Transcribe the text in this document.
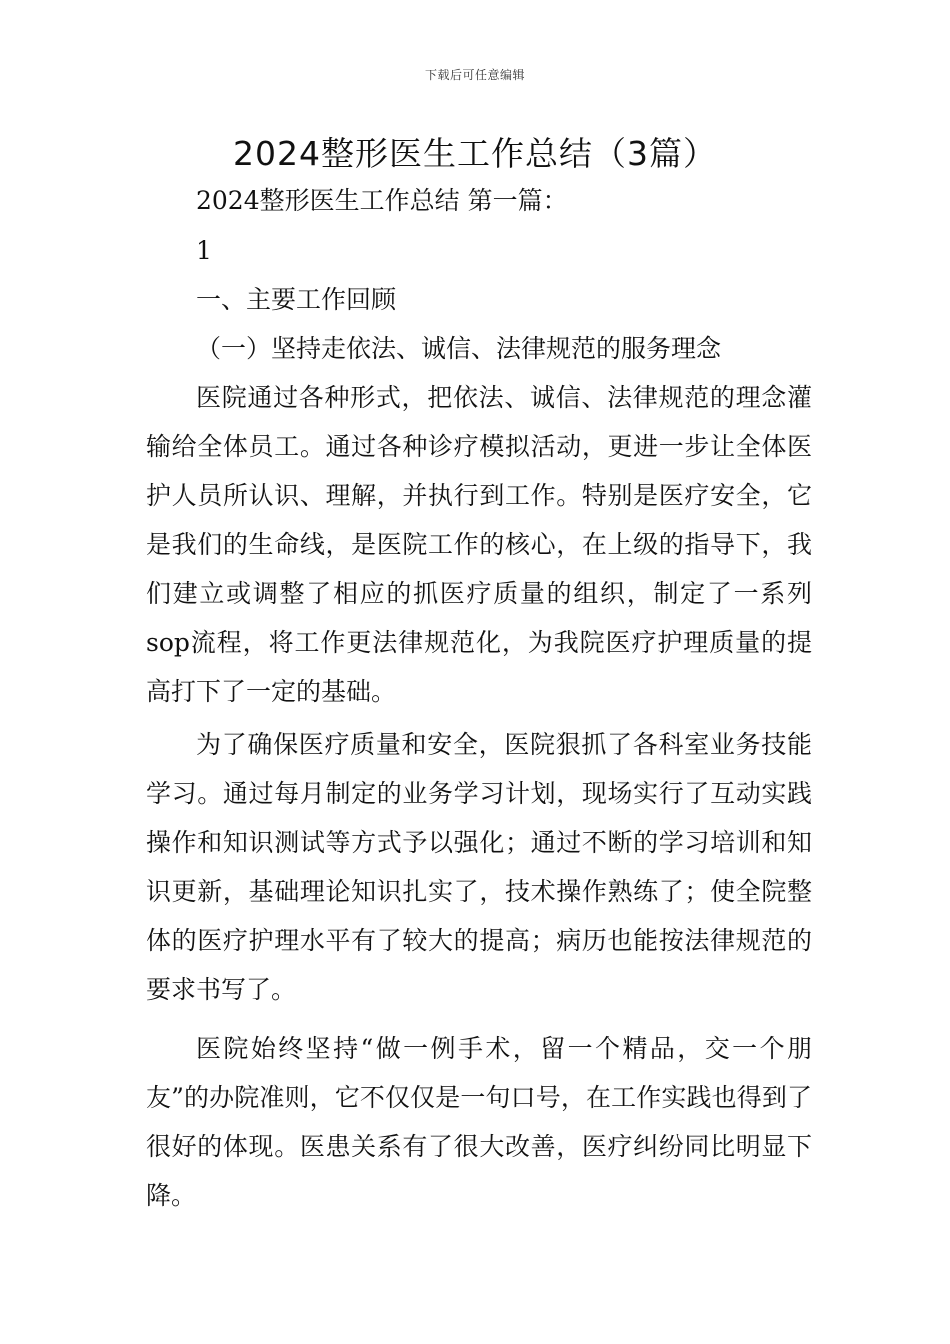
下载后可任意编辑
2024整形医生工作总结（3篇）
2024整形医生工作总结 第一篇：
1
一、主要工作回顾
（一）坚持走依法、诚信、法律规范的服务理念

医院通过各种形式，把依法、诚信、法律规范的理念灌输给全体员工。通过各种诊疗模拟活动，更进一步让全体医护人员所认识、理解，并执行到工作。特别是医疗安全，它是我们的生命线，是医院工作的核心，在上级的指导下，我们建立或调整了相应的抓医疗质量的组织，制定了一系列sop流程，将工作更法律规范化，为我院医疗护理质量的提高打下了一定的基础。

为了确保医疗质量和安全，医院狠抓了各科室业务技能学习。通过每月制定的业务学习计划，现场实行了互动实践操作和知识测试等方式予以强化；通过不断的学习培训和知识更新，基础理论知识扎实了，技术操作熟练了；使全院整体的医疗护理水平有了较大的提高；病历也能按法律规范的要求书写了。

医院始终坚持“做一例手术，留一个精品，交一个朋友”的办院准则，它不仅仅是一句口号，在工作实践也得到了很好的体现。医患关系有了很大改善，医疗纠纷同比明显下降。
